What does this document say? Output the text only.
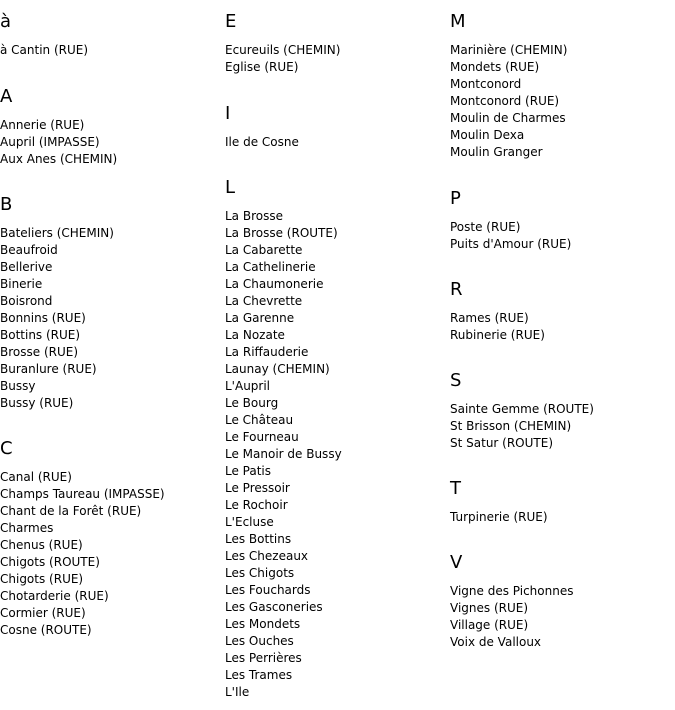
à
à Cantin (RUE)
A
Annerie (RUE)
Aupril (IMPASSE)
Aux Anes (CHEMIN)
B
Bateliers (CHEMIN)
Beaufroid
Bellerive
Binerie
Boisrond
Bonnins (RUE)
Bottins (RUE)
Brosse (RUE)
Buranlure (RUE)
Bussy
Bussy (RUE)
C
Canal (RUE)
Champs Taureau (IMPASSE)
Chant de la Forêt (RUE)
Charmes
Chenus (RUE)
Chigots (ROUTE)
Chigots (RUE)
Chotarderie (RUE)
Cormier (RUE)
Cosne (ROUTE)
E
Ecureuils (CHEMIN)
Eglise (RUE)
I
Ile de Cosne
L
La Brosse
La Brosse (ROUTE)
La Cabarette
La Cathelinerie
La Chaumonerie
La Chevrette
La Garenne
La Nozate
La Riffauderie
Launay (CHEMIN)
L'Aupril
Le Bourg
Le Château
Le Fourneau
Le Manoir de Bussy
Le Patis
Le Pressoir
Le Rochoir
L'Ecluse
Les Bottins
Les Chezeaux
Les Chigots
Les Fouchards
Les Gasconeries
Les Mondets
Les Ouches
Les Perrières
Les Trames
L'Ile
M
Marinière (CHEMIN)
Mondets (RUE)
Montconord
Montconord (RUE)
Moulin de Charmes
Moulin Dexa
Moulin Granger
P
Poste (RUE)
Puits d'Amour (RUE)
R
Rames (RUE)
Rubinerie (RUE)
S
Sainte Gemme (ROUTE)
St Brisson (CHEMIN)
St Satur (ROUTE)
T
Turpinerie (RUE)
V
Vigne des Pichonnes
Vignes (RUE)
Village (RUE)
Voix de Valloux
